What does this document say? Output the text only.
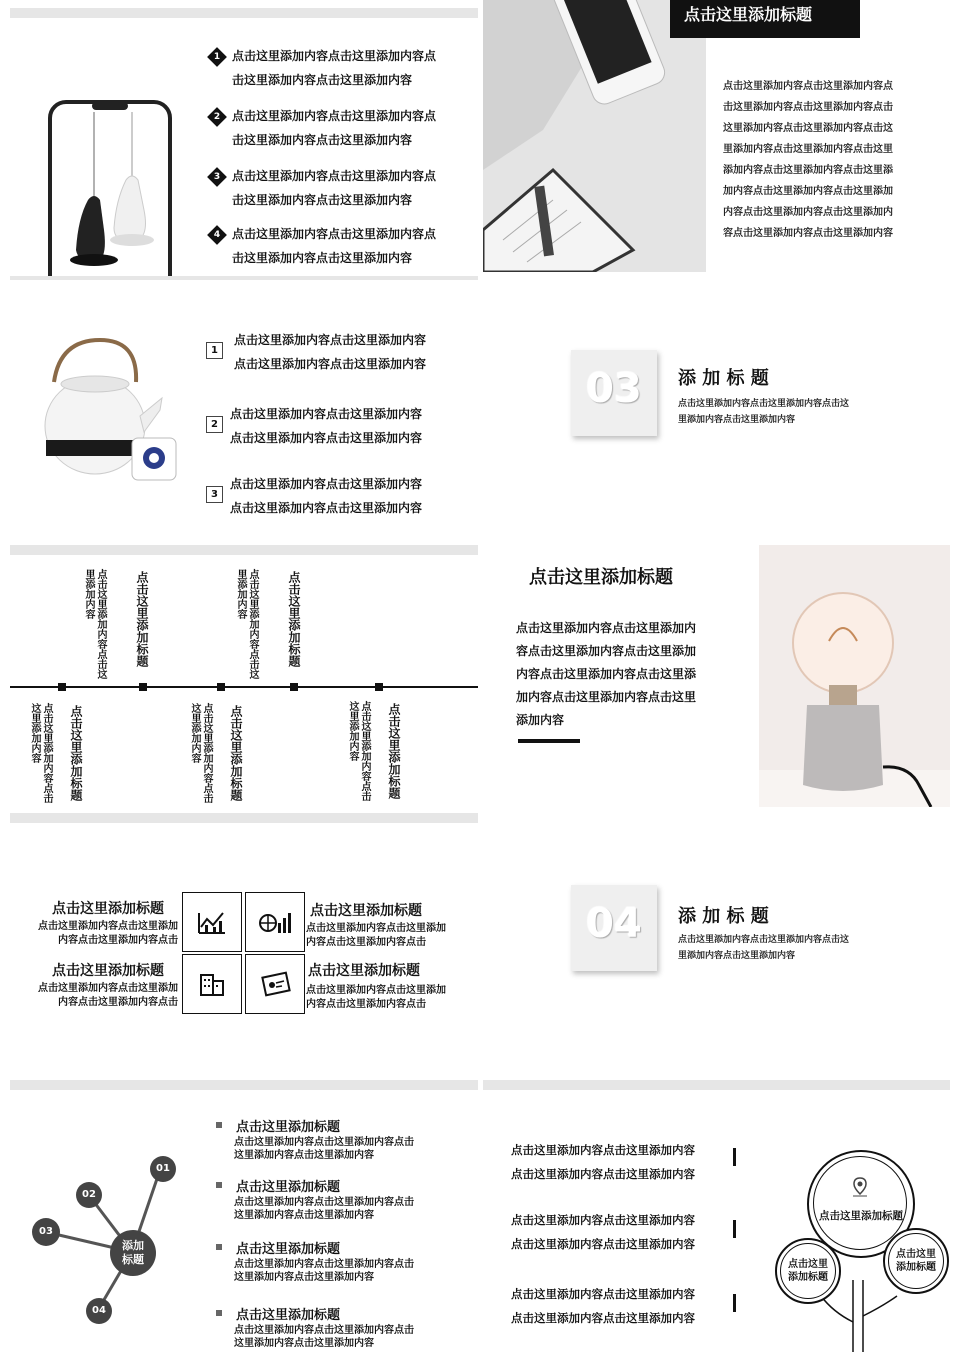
1 点击这里添加内容点击这里添加内容点
击这里添加内容点击这里添加内容
2 点击这里添加内容点击这里添加内容点
击这里添加内容点击这里添加内容
3 点击这里添加内容点击这里添加内容点
击这里添加内容点击这里添加内容
4 点击这里添加内容点击这里添加内容点
击这里添加内容点击这里添加内容
点击这里添加标题
点击这里添加内容点击这里添加内容点
击这里添加内容点击这里添加内容点击
这里添加内容点击这里添加内容点击这
里添加内容点击这里添加内容点击这里
添加内容点击这里添加内容点击这里添
加内容点击这里添加内容点击这里添加
内容点击这里添加内容点击这里添加内
容点击这里添加内容点击这里添加内容
1
点击这里添加内容点击这里添加内容
点击这里添加内容点击这里添加内容
2
点击这里添加内容点击这里添加内容
点击这里添加内容点击这里添加内容
3
点击这里添加内容点击这里添加内容
点击这里添加内容点击这里添加内容
03	添 加 标 题
点击这里添加内容点击这里添加内容点击这
里添加内容点击这里添加内容
点击这里添加标题
点击这里添加内容点击这里添加内容	点击这里添加标题
点击这里添加内容点击这里添加内容
点击这里添加标题
点击这里添加内容点击这里添加内容	点击这里添加标题
点击这里添加内容点击这里添加内容	点击这里添加标题
点击这里添加内容点击这里添加内容
点击这里添加标题
点击这里添加内容点击这里添加内
容点击这里添加内容点击这里添加
内容点击这里添加内容点击这里添
加内容点击这里添加内容点击这里
添加内容
点击这里添加标题
点击这里添加内容点击这里添加
内容点击这里添加内容点击
点击这里添加标题
点击这里添加内容点击这里添加
内容点击这里添加内容点击
点击这里添加标题
点击这里添加内容点击这里添加
内容点击这里添加内容点击
点击这里添加标题
点击这里添加内容点击这里添加
内容点击这里添加内容点击
04	添 加 标 题
点击这里添加内容点击这里添加内容点击这
里添加内容点击这里添加内容
添加
标题
01
02
03
04
点击这里添加标题
点击这里添加内容点击这里添加内容点击
这里添加内容点击这里添加内容
点击这里添加标题
点击这里添加内容点击这里添加内容点击
这里添加内容点击这里添加内容
点击这里添加标题
点击这里添加内容点击这里添加内容点击
这里添加内容点击这里添加内容
点击这里添加标题
点击这里添加内容点击这里添加内容点击
这里添加内容点击这里添加内容
点击这里添加内容点击这里添加内容
点击这里添加内容点击这里添加内容
点击这里添加内容点击这里添加内容
点击这里添加内容点击这里添加内容
点击这里添加内容点击这里添加内容
点击这里添加内容点击这里添加内容
点击这里添加标题
点击这里
添加标题
点击这里
添加标题
